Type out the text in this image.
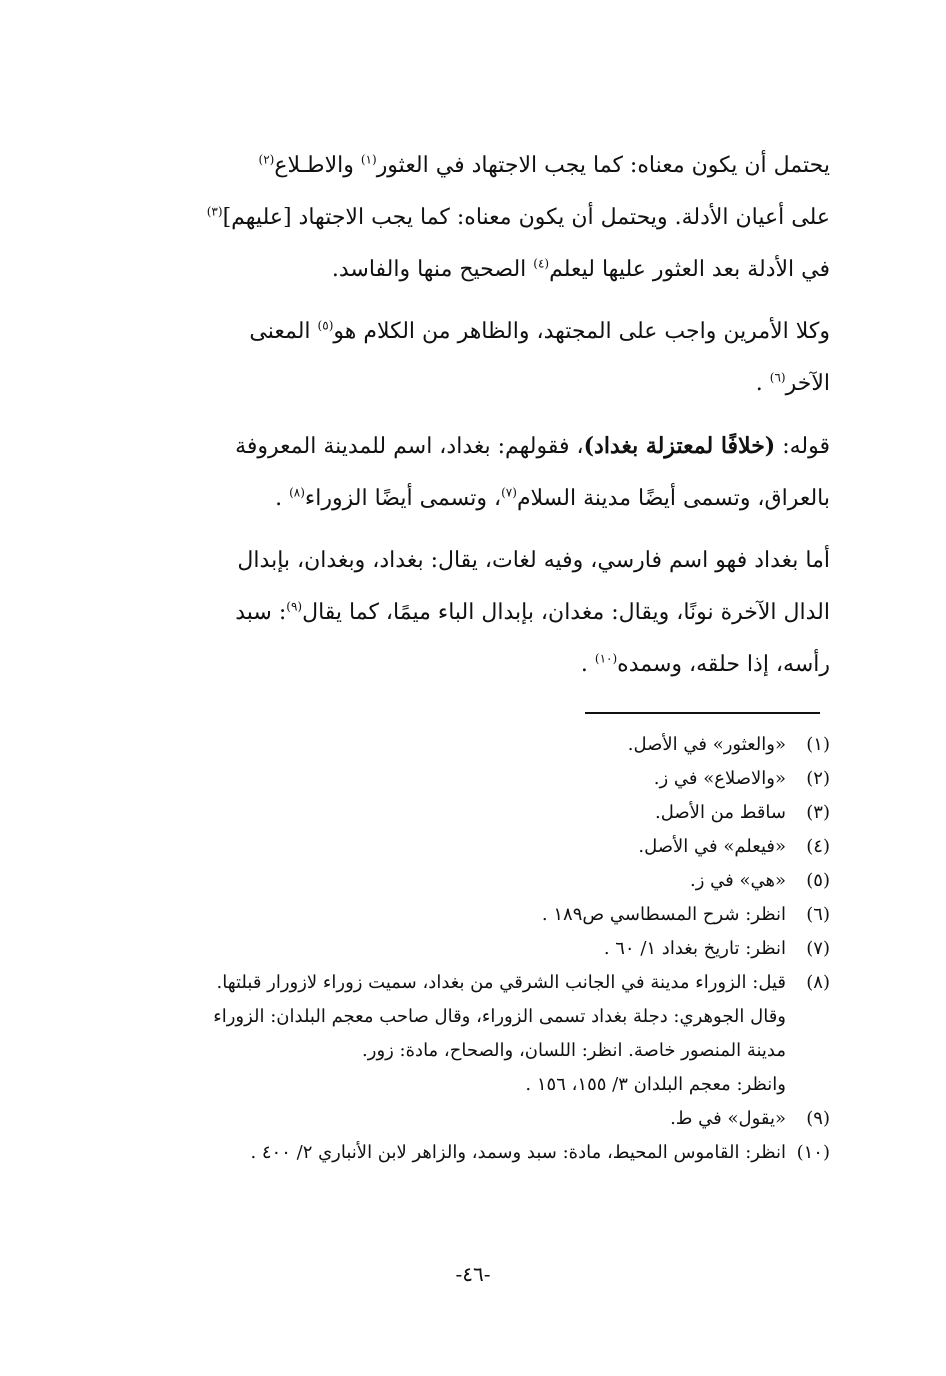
يحتمل أن يكون معناه: كما يجب الاجتهاد في العثور$^{(١)}$ والاطـلاع$^{(٢)}$
على أعيان الأدلة. ويحتمل أن يكون معناه: كما يجب الاجتهاد [عليهم]$^{(٣)}$
في الأدلة بعد العثور عليها ليعلم$^{(٤)}$ الصحيح منها والفاسد.

وكلا الأمرين واجب على المجتهد، والظاهر من الكلام هو$^{(٥)}$ المعنى
الآخر$^{(٦)}$ .

قوله: (خلافًا لمعتزلة بغداد)، فقولهم: بغداد، اسم للمدينة المعروفة
بالعراق، وتسمى أيضًا مدينة السلام$^{(٧)}$، وتسمى أيضًا الزوراء$^{(٨)}$ .

أما بغداد فهو اسم فارسي، وفيه لغات، يقال: بغداد، وبغدان، بإبدال
الدال الآخرة نونًا، ويقال: مغدان، بإبدال الباء ميمًا، كما يقال$^{(٩)}$: سبد
رأسه، إذا حلقه، وسمده$^{(١٠)}$ .

(١)
«والعثور» في الأصل.
(٢)
«والاصلاع» في ز.
(٣)
ساقط من الأصل.
(٤)
«فيعلم» في الأصل.
(٥)
«هي» في ز.
(٦)
انظر: شرح المسطاسي ص١٨٩ .
(٧)
انظر: تاريخ بغداد ١/ ٦٠ .
(٨)
قيل: الزوراء مدينة في الجانب الشرقي من بغداد، سميت زوراء لازورار قبلتها.
وقال الجوهري: دجلة بغداد تسمى الزوراء، وقال صاحب معجم البلدان: الزوراء
مدينة المنصور خاصة. انظر: اللسان، والصحاح، مادة: زور.
وانظر: معجم البلدان ٣/ ١٥٥، ١٥٦ .
(٩)
«يقول» في ط.
(١٠)
انظر: القاموس المحيط، مادة: سبد وسمد، والزاهر لابن الأنباري ٢/ ٤٠٠ .
-٤٦-
